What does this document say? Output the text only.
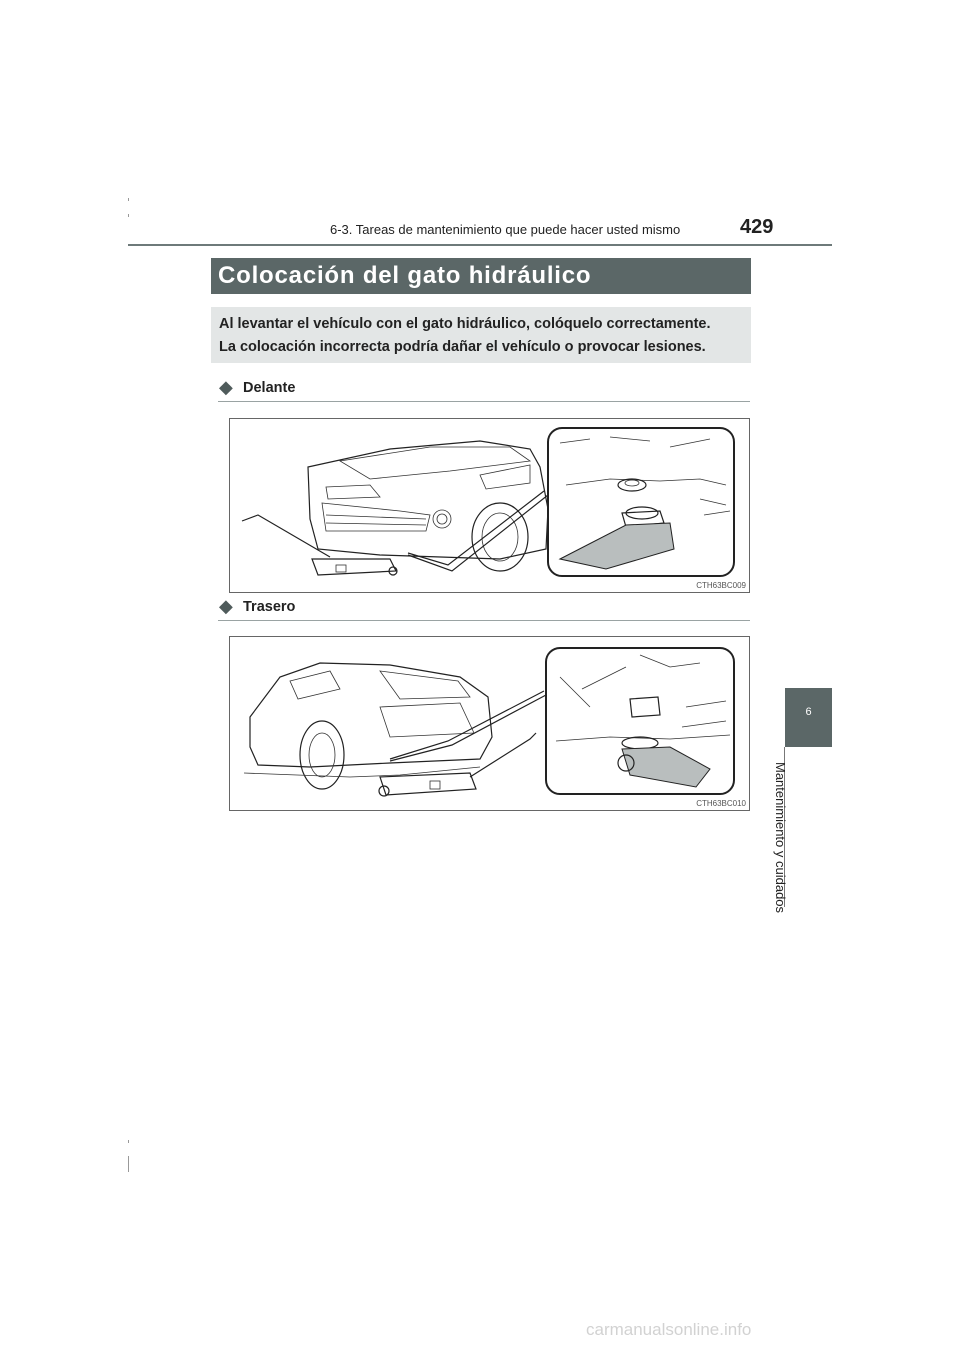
6-3. Tareas de mantenimiento que puede hacer usted mismo	429
Colocación del gato hidráulico
Al levantar el vehículo con el gato hidráulico, colóquelo correctamente.
La colocación incorrecta podría dañar el vehículo o provocar lesiones.
◆ Delante
CTH63BC009
◆ Trasero
CTH63BC010
6
Mantenimiento y cuidados
carmanualsonline.info
